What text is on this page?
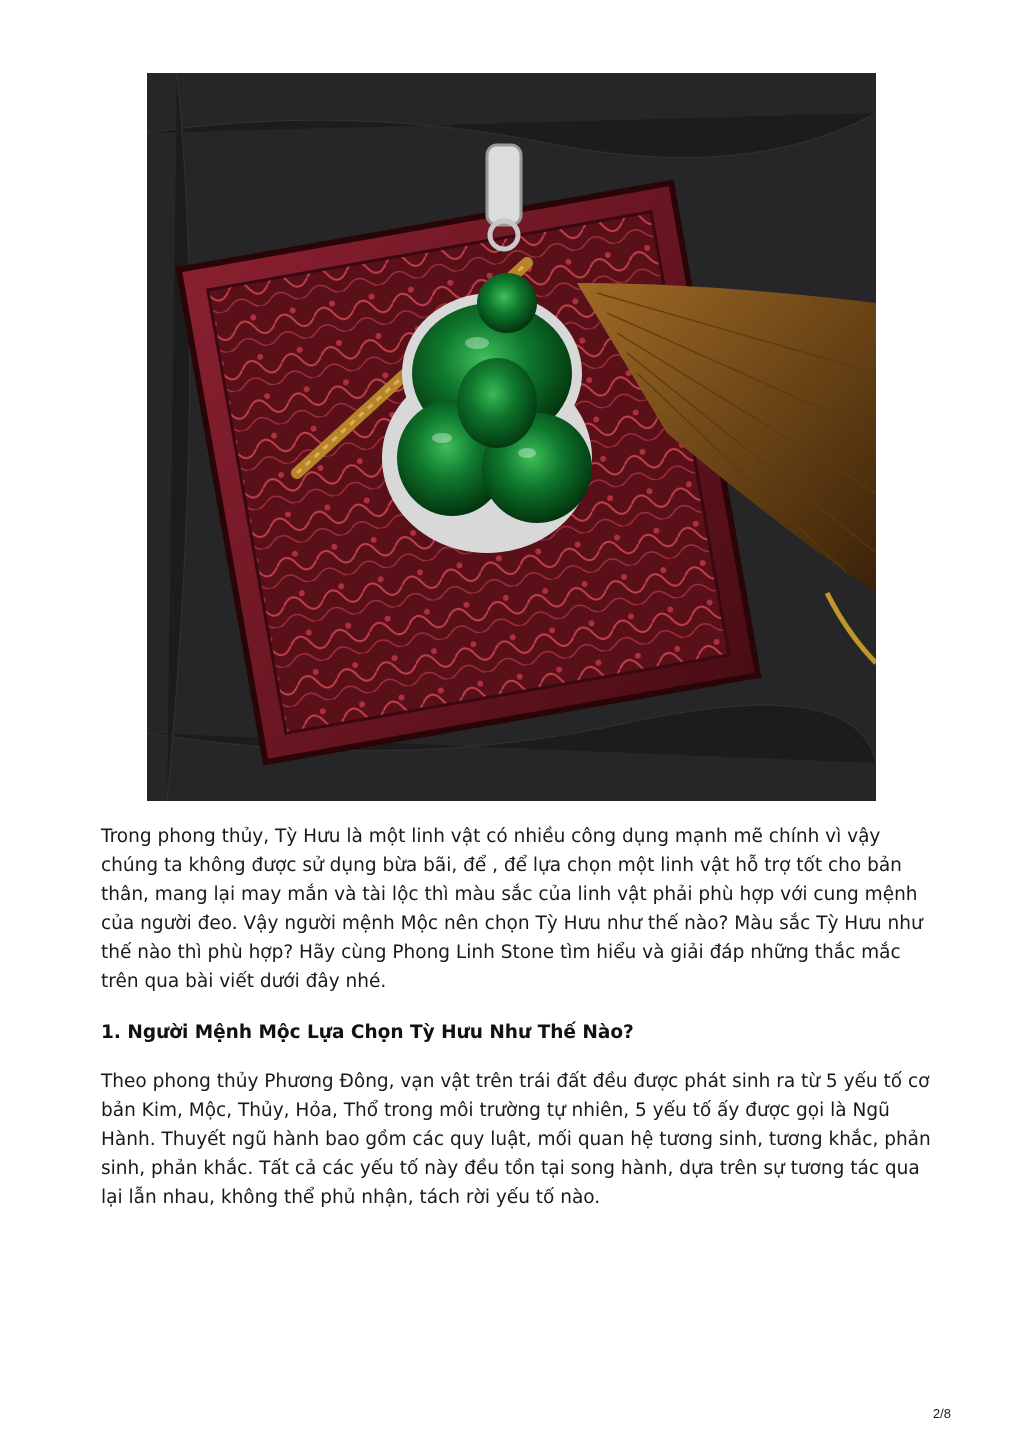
Trong phong thủy, Tỳ Hưu là một linh vật có nhiều công dụng mạnh mẽ chính vì vậy chúng ta không được sử dụng bừa bãi, để , để lựa chọn một linh vật hỗ trợ tốt cho bản thân, mang lại may mắn và tài lộc thì màu sắc của linh vật phải phù hợp với cung mệnh của người đeo. Vậy người mệnh Mộc nên chọn Tỳ Hưu như thế nào? Màu sắc Tỳ Hưu như thế nào thì phù hợp? Hãy cùng Phong Linh Stone tìm hiểu và giải đáp những thắc mắc trên qua bài viết dưới đây nhé.

1. Người Mệnh Mộc Lựa Chọn Tỳ Hưu Như Thế Nào?

Theo phong thủy Phương Đông, vạn vật trên trái đất đều được phát sinh ra từ 5 yếu tố cơ bản Kim, Mộc, Thủy, Hỏa, Thổ trong môi trường tự nhiên, 5 yếu tố ấy được gọi là Ngũ Hành. Thuyết ngũ hành bao gồm các quy luật, mối quan hệ tương sinh, tương khắc, phản sinh, phản khắc. Tất cả các yếu tố này đều tồn tại song hành, dựa trên sự tương tác qua lại lẫn nhau, không thể phủ nhận, tách rời yếu tố nào.

2/8
